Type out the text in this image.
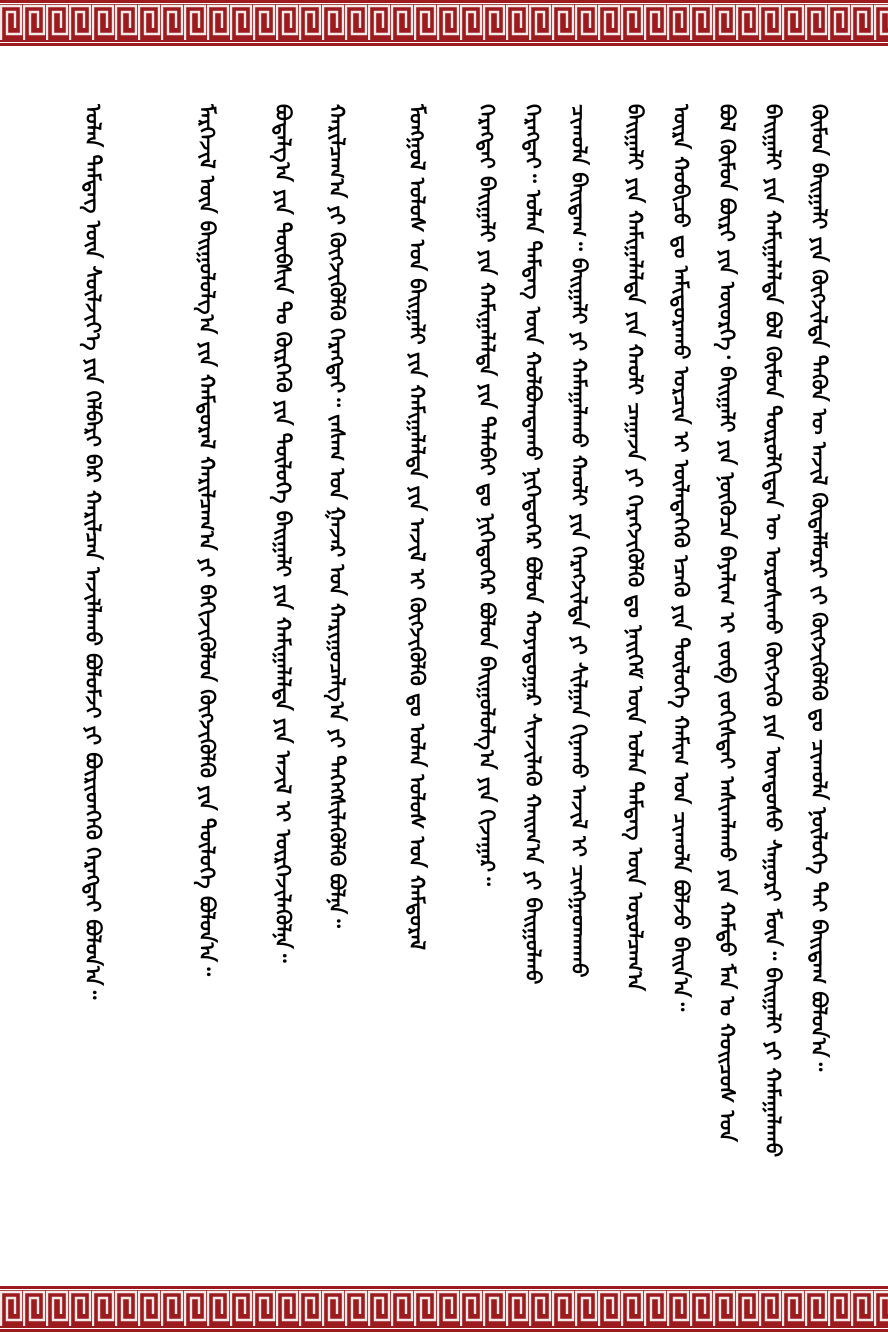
ᠬᠦᠮᠦᠨ ᠪᠠᠢᠭᠠᠯᠢ ᠶᠢᠨ ᠬᠥᠭᠵᠢᠯᠲᠡ ᠲᠡᠭᠦᠨ ᠦ ᠠᠵᠢᠯ ᠬᠥᠳᠡᠯᠮᠦᠷᠢ ᠵᠢ ᠬᠥᠭᠵᠢᠭᠦᠯᠬᠦ ᠳᠤ ᠴᠢᠬᠤᠯᠠ ᠨᠥᠯᠦᠭᠡ ᠲᠡᠢ ᠪᠠᠢᠳᠠᠭ ᠪᠣᠯᠤᠨ᠎ᠠ᠃
ᠪᠠᠢᠭᠠᠯᠢ ᠶᠢᠨ ᠬᠠᠮᠢᠭᠠᠯᠠᠯᠲᠠ ᠪᠣᠯ ᠬᠦᠮᠦᠨ ᠲᠥᠷᠦᠯᠬᠢᠲᠡᠨ ᠦ ᠣᠷᠣᠰᠢᠬᠤ ᠬᠥᠭᠵᠢᠬᠦ ᠶᠢᠨ ᠦᠨᠳᠦᠰᠦ ᠰᠠᠭᠤᠷᠢ ᠮᠥᠨ᠃ ᠪᠠᠢᠭᠠᠯᠢ ᠶᠢ ᠬᠠᠮᠠᠭᠠᠯᠠᠬᠤ
ᠪᠣᠯ ᠬᠦᠮᠦᠨ ᠪᠦᠷᠢ ᠶᠢᠨ ᠦᠦᠷᠭᠡ᠂ ᠪᠠᠢᠭᠠᠯᠢ ᠶᠢᠨ ᠨᠥᠭᠥᠴᠡ ᠪᠠᠶᠠᠯᠢᠭ ᠢ ᠵᠥᠪ ᠵᠣᠬᠢᠰᠲᠠᠢ ᠠᠰᠢᠭᠯᠠᠬᠤ ᠶᠢᠨ ᠬᠠᠮᠲᠤ ᠮᠠᠨ ᠤ ᠬᠣᠢᠴᠣᠰ ᠤᠨ
ᠦᠷᠡ ᠬᠤᠪᠢᠴᠤ ᠳᠤ ᠠᠮᠢᠳᠤᠷᠠᠬᠤ ᠣᠷᠴᠢᠨ ᠢ ᠦᠯᠡᠳᠡᠭᠡᠬᠦ ᠡᠴᠡᠬᠦ ᠶᠢᠨ ᠲᠥᠯᠦᠭᠡ ᠬᠠᠮᠢᠭ ᠤᠨ ᠴᠢᠬᠤᠯᠠ ᠪᠣᠯᠵᠤ ᠪᠠᠢᠨ᠎ᠠ᠃
ᠪᠠᠢᠭᠠᠯᠢ ᠶᠢᠨ ᠬᠠᠮᠢᠭᠠᠯᠠᠯᠲᠠ ᠶᠢᠨ ᠬᠠᠤᠯᠢ ᠴᠠᠭᠠᠵᠠ ᠶᠢ ᠬᠡᠷᠡᠭᠵᠢᠭᠦᠯᠬᠦ ᠳᠤ ᠨᠡᠢᠭᠡᠮ ᠦᠨ ᠣᠯᠠᠨ ᠲᠡᠮᠳᠡᠭ ᠦᠨ ᠣᠷᠣᠯᠴᠠᠭ᠎ᠠ
ᠴᠢᠬᠤᠯᠠ ᠪᠠᠢᠳᠠᠭ᠃ ᠪᠠᠢᠭᠠᠯᠢ ᠶᠢ ᠬᠠᠮᠠᠭᠠᠯᠠᠬᠤ ᠬᠠᠤᠯᠢ ᠶᠢᠨ ᠬᠡᠷᠡᠭᠵᠢᠯᠲᠡ ᠶᠢ ᠰᠢᠯᠭᠠᠨ ᠬᠢᠨᠠᠬᠤ ᠠᠵᠢᠯ ᠢ ᠴᠢᠩᠭᠠᠳᠬᠠᠬᠤ
ᠬᠡᠷᠡᠭᠲᠡᠢ᠃ ᠣᠯᠠᠨ ᠲᠡᠮᠳᠡᠭ ᠦᠨ ᠬᠣᠯᠪᠣᠭᠳᠠᠬᠤ ᠨᠢᠭᠡᠳᠦᠭᠡᠷ ᠪᠣᠯᠤᠨ ᠬᠣᠶᠠᠳᠤᠭᠠᠷ ᠰᠢᠨᠵᠢᠯᠡᠬᠦ ᠬᠠᠢᠭ᠎ᠠ ᠶᠢ ᠪᠠᠢᠭᠤᠯᠬᠤ
ᠬᠡᠷᠡᠭᠲᠡᠢ ᠪᠠᠢᠭᠠᠯᠢ ᠶᠢᠨ ᠬᠠᠮᠢᠭᠠᠯᠠᠯᠲᠠ ᠶᠢᠨ ᠲᠠᠯᠠᠪᠠᠢ ᠳᠤ ᠨᠢᠭᠡᠳᠦᠭᠡᠷ ᠪᠣᠯᠤᠨ ᠪᠠᠢᠭᠤᠯᠤᠯᠭ᠎ᠠ ᠶᠢᠨ ᠬᠢᠵᠠᠭᠠᠷ᠃
ᠮᠣᠩᠭᠣᠯ ᠤᠯᠤᠰ ᠤᠨ ᠪᠠᠢᠭᠠᠯᠢ ᠶᠢᠨ ᠬᠠᠮᠢᠭᠠᠯᠠᠯᠲᠠ ᠶᠢᠨ ᠠᠵᠢᠯ ᠢ ᠬᠥᠭᠵᠢᠭᠦᠯᠬᠦ ᠳᠤ ᠣᠯᠠᠨ ᠤᠯᠤᠰ ᠤᠨ ᠬᠠᠮᠲᠤᠷᠠᠯ
ᠬᠠᠷᠢᠯᠴᠠᠭ᠎ᠠ ᠶᠢ ᠬᠥᠭᠵᠢᠭᠦᠯᠬᠦ ᠬᠡᠷᠡᠭᠲᠡᠢ᠃ ᠵᠠᠰᠠᠭ ᠤᠨ ᠭᠠᠵᠠᠷ ᠤᠨ ᠬᠠᠷᠢᠭᠤᠴᠠᠯᠭ᠎ᠠ ᠶᠢ ᠳᠡᠭᠡᠭᠰᠢᠯᠡᠭᠦᠯᠬᠦ ᠪᠣᠯᠨᠠ᠃
ᠪᠣᠳᠠᠯᠭ᠎ᠠ ᠶᠢᠨ ᠲᠥᠪᠰᠢᠨ ᠲᠤ ᠬᠦᠷᠭᠡᠬᠦ ᠶᠢᠨ ᠲᠥᠯᠦᠭᠡ ᠪᠠᠢᠭᠠᠯᠢ ᠶᠢᠨ ᠬᠠᠮᠢᠭᠠᠯᠠᠯᠲᠠ ᠶᠢᠨ ᠠᠵᠢᠯ ᠢ ᠦᠷᠭᠡᠵᠢᠯᠡᠭᠦᠯᠨᠡ᠃
ᠮᠡᠷᠭᠡᠵᠢᠯ ᠦᠨ ᠪᠠᠢᠭᠤᠯᠤᠯᠭ᠎ᠠ ᠶᠢᠨ ᠬᠠᠮᠲᠤᠷᠠᠯ ᠬᠠᠷᠢᠯᠴᠠᠭ᠎ᠠ ᠶᠢ ᠪᠡᠬᠢᠵᠢᠭᠦᠯᠦᠨ ᠬᠥᠭᠵᠢᠭᠦᠯᠬᠦ ᠶᠢᠨ ᠲᠥᠯᠦᠭᠡ ᠪᠣᠯᠤᠨ᠎ᠠ᠃
ᠣᠯᠠᠨ ᠲᠡᠮᠳᠡᠭ ᠦᠨ ᠰᠦᠯᠵᠢᠶ᠎ᠡ ᠶᠢᠨ ᠬᠡᠯᠪᠡᠷᠢ ᠪᠡᠷ ᠬᠠᠷᠢᠯᠴᠠᠨ ᠠᠵᠢᠯᠯᠠᠬᠤ ᠪᠣᠯᠤᠮᠵᠢ ᠶᠢ ᠪᠦᠷᠢᠳᠬᠡᠬᠦ ᠬᠡᠷᠡᠭᠲᠡᠢ ᠪᠣᠯᠤᠨ᠎ᠠ᠃
